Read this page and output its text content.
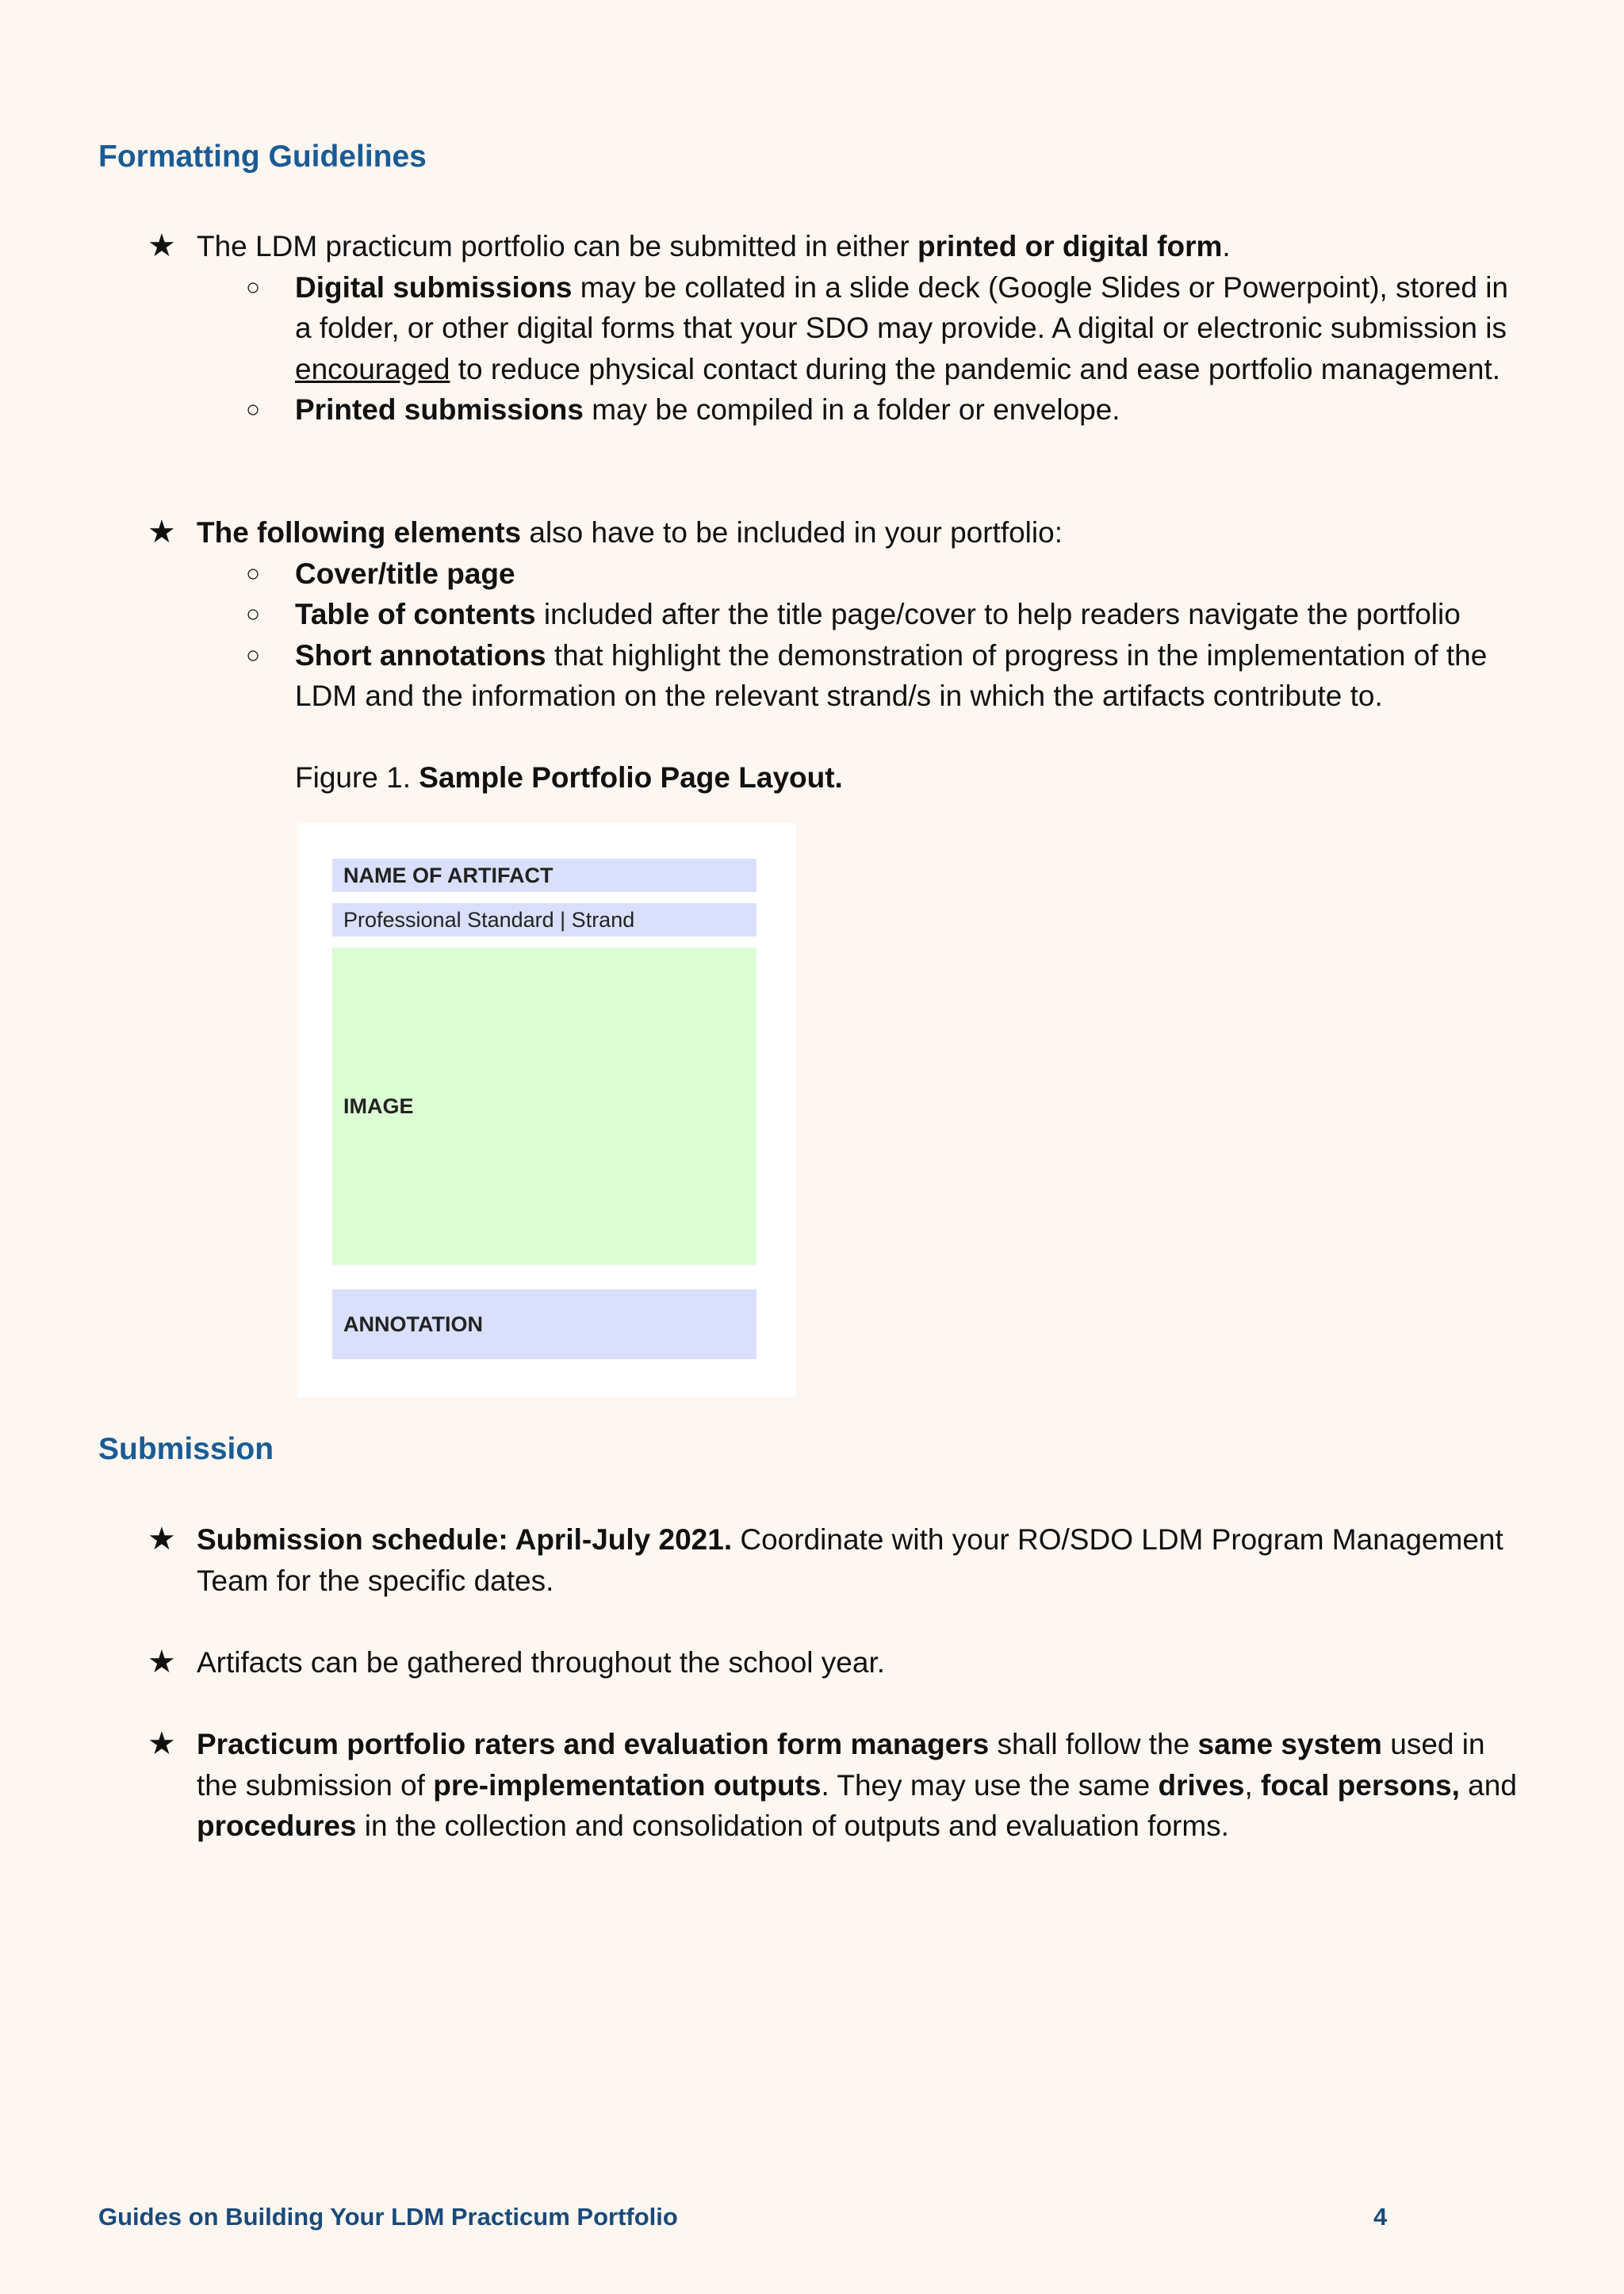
Formatting Guidelines
★ The LDM practicum portfolio can be submitted in either printed or digital form.
○ Digital submissions may be collated in a slide deck (Google Slides or Powerpoint), stored in a folder, or other digital forms that your SDO may provide. A digital or electronic submission is encouraged to reduce physical contact during the pandemic and ease portfolio management.
○ Printed submissions may be compiled in a folder or envelope.
★ The following elements also have to be included in your portfolio:
○ Cover/title page
○ Table of contents included after the title page/cover to help readers navigate the portfolio
○ Short annotations that highlight the demonstration of progress in the implementation of the LDM and the information on the relevant strand/s in which the artifacts contribute to.
Figure 1. Sample Portfolio Page Layout.
NAME OF ARTIFACT
Professional Standard | Strand
IMAGE
ANNOTATION
Submission
★ Submission schedule: April-July 2021. Coordinate with your RO/SDO LDM Program Management Team for the specific dates.
★ Artifacts can be gathered throughout the school year.
★ Practicum portfolio raters and evaluation form managers shall follow the same system used in the submission of pre-implementation outputs. They may use the same drives, focal persons, and procedures in the collection and consolidation of outputs and evaluation forms.
Guides on Building Your LDM Practicum Portfolio	4
